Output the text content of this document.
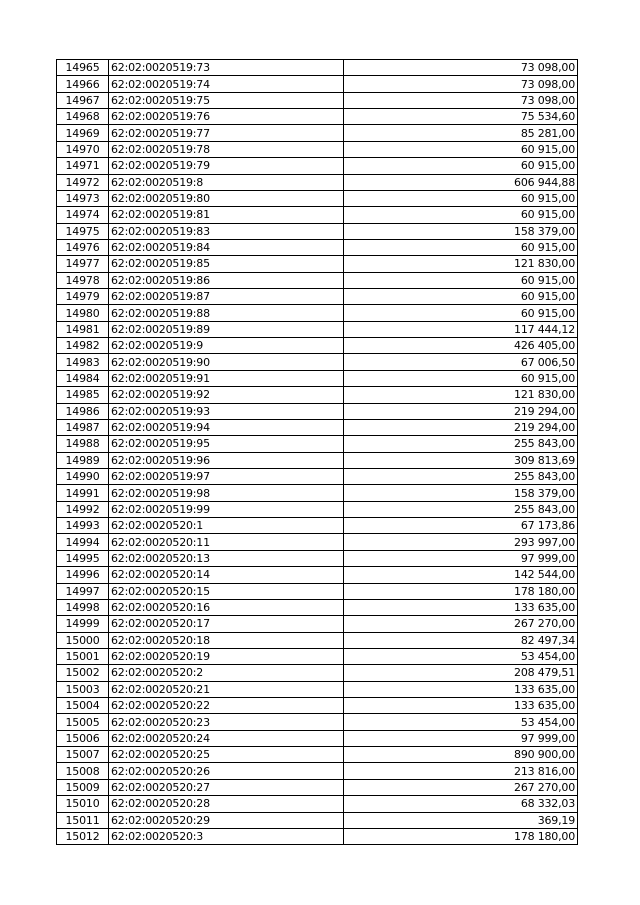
14965	62:02:0020519:73	73 098,00
14966	62:02:0020519:74	73 098,00
14967	62:02:0020519:75	73 098,00
14968	62:02:0020519:76	75 534,60
14969	62:02:0020519:77	85 281,00
14970	62:02:0020519:78	60 915,00
14971	62:02:0020519:79	60 915,00
14972	62:02:0020519:8	606 944,88
14973	62:02:0020519:80	60 915,00
14974	62:02:0020519:81	60 915,00
14975	62:02:0020519:83	158 379,00
14976	62:02:0020519:84	60 915,00
14977	62:02:0020519:85	121 830,00
14978	62:02:0020519:86	60 915,00
14979	62:02:0020519:87	60 915,00
14980	62:02:0020519:88	60 915,00
14981	62:02:0020519:89	117 444,12
14982	62:02:0020519:9	426 405,00
14983	62:02:0020519:90	67 006,50
14984	62:02:0020519:91	60 915,00
14985	62:02:0020519:92	121 830,00
14986	62:02:0020519:93	219 294,00
14987	62:02:0020519:94	219 294,00
14988	62:02:0020519:95	255 843,00
14989	62:02:0020519:96	309 813,69
14990	62:02:0020519:97	255 843,00
14991	62:02:0020519:98	158 379,00
14992	62:02:0020519:99	255 843,00
14993	62:02:0020520:1	67 173,86
14994	62:02:0020520:11	293 997,00
14995	62:02:0020520:13	97 999,00
14996	62:02:0020520:14	142 544,00
14997	62:02:0020520:15	178 180,00
14998	62:02:0020520:16	133 635,00
14999	62:02:0020520:17	267 270,00
15000	62:02:0020520:18	82 497,34
15001	62:02:0020520:19	53 454,00
15002	62:02:0020520:2	208 479,51
15003	62:02:0020520:21	133 635,00
15004	62:02:0020520:22	133 635,00
15005	62:02:0020520:23	53 454,00
15006	62:02:0020520:24	97 999,00
15007	62:02:0020520:25	890 900,00
15008	62:02:0020520:26	213 816,00
15009	62:02:0020520:27	267 270,00
15010	62:02:0020520:28	68 332,03
15011	62:02:0020520:29	369,19
15012	62:02:0020520:3	178 180,00
